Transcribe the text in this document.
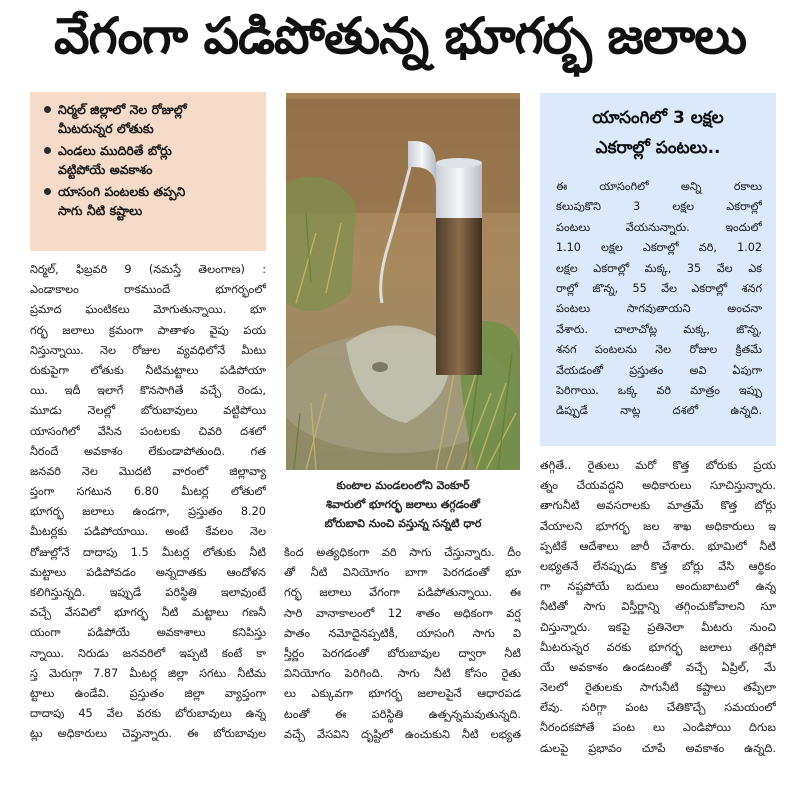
వేగంగా పడిపోతున్న భూగర్భ జలాలు
నిర్మల్ జిల్లాలో నెల రోజుల్లో
మీటరున్నర లోతుకు
ఎండలు ముదిరితే బోర్లు
వట్టిపోయే అవకాశం
యాసంగి పంటలకు తప్పని
సాగు నీటి కష్టాలు
నిర్మల్, ఫిబ్రవరి 9 (నమస్తే తెలంగాణ) :
ఎండాకాలం రాకముందే భూగర్భంలో
ప్రమాద ఘంటికలు మోగుతున్నాయి. భూ
గర్భ జలాలు క్రమంగా పాతాళం వైపు పయ
నిస్తున్నాయి. నెల రోజుల వ్యవధిలోనే మీటు
రుకుపైగా లోతుకు నీటిమట్టాలు పడిపోయా
యి. ఇదీ ఇలాగే కొనసాగితే వచ్చే రెండు,
మూడు నెలల్లో బోరుబావులు వట్టిపోయి
యాసంగిలో వేసిన పంటలకు చివరి దశలో
నీరందే అవకాశం లేకుండాపోతుంది. గత
జనవరి నెల మొదటి వారంలో జిల్లావ్యా
ప్తంగా సగటున 6.80 మీటర్ల లోతులో
భూగర్భ జలాలు ఉండగా, ప్రస్తుతం 8.20
మీటర్లకు పడిపోయాయి. అంటే కేవలం నెల
రోజుల్లోనే దాదాపు 1.5 మీటర్ల లోతుకు నీటి
మట్టాలు పడిపోవడం అన్నదాతకు ఆందోళన
కలిగిస్తున్నది. ఇప్పుడే పరిస్థితి ఇలావుంటే
వచ్చే వేసవిలో భూగర్భ నీటి మట్టాలు గణనీ
యంగా పడిపోయే అవకాశాలు కనిపిస్తు
న్నాయి. నిరుడు జనవరిలో ఇప్పటి కంటే కా
స్త మెరుగ్గా 7.87 మీటర్ల జిల్లా సగటు నీటిమ
ట్టాలు ఉండేవి. ప్రస్తుతం జిల్లా వ్యాప్తంగా
దాదాపు 45 వేల వరకు బోరుబావులు ఉన్న
ట్లు అధికారులు చెప్తున్నారు. ఈ బోరుబావుల
కుంటాల మండలంలోని వెంకూర్
శివారులో భూగర్భ జలాలు తగ్గడంతో
బోరుబావి నుంచి వస్తున్న సన్నటి ధార
కింద అత్యధికంగా వరి సాగు చేస్తున్నారు. దీం
తో నీటి వినియోగం బాగా పెరగడంతో భూ
గర్భ జలాలు వేగంగా పడిపోతున్నాయి. ఈ
సారి వానాకాలంలో 12 శాతం అధికంగా వర్ష
పాతం నమోదైనప్పటికీ, యాసంగి సాగు వి
స్తీర్ణం పెరగడంతో బోరుబావుల ద్వారా నీటి
వినియోగం పెరిగింది. సాగు నీటి కోసం రైతు
లు ఎక్కువగా భూగర్భ జలాలపైనే ఆధారపడ
టంతో ఈ పరిస్థితి ఉత్పన్నమవుతున్నది.
వచ్చే వేసవిని దృష్టిలో ఉంచుకుని నీటి లభ్యత
యాసంగిలో 3 లక్షల
ఎకరాల్లో పంటలు..
ఈ యాసంగిలో అన్ని రకాలు
కలుపుకొని 3 లక్షల ఎకరాల్లో
పంటలు వేయనున్నారు. ఇందులో
1.10 లక్షల ఎకరాల్లో వరి, 1.02
లక్షల ఎకరాల్లో మక్క, 35 వేల ఎక
రాల్లో జొన్న, 55 వేల ఎకరాల్లో శనగ
పంటలు సాగవుతాయని అంచనా
వేశారు. చాలాచోట్ల మక్క, జొన్న,
శనగ పంటలను నెల రోజుల క్రితమే
వేయడంతో ప్రస్తుతం అవి ఏపుగా
పెరిగాయి. ఒక్క వరి మాత్రం ఇప్పు
డిప్పుడే నాట్ల దశలో ఉన్నది.
తగ్గితే.. రైతులు మరో కొత్త బోరుకు ప్రయ
త్నం చేయవద్దని అధికారులు సూచిస్తున్నారు.
తాగునీటి అవసరాలకు మాత్రమే కొత్త బోర్లు
వేయాలని భూగర్భ జల శాఖ అధికారులు ఇ
ప్పటికే ఆదేశాలు జారీ చేశారు. భూమిలో నీటి
లభ్యతనే లేనప్పుడు కొత్త బోర్లు వేసి ఆర్థికం
గా నష్టపోయే బదులు అందుబాటులో ఉన్న
నీటితో సాగు విస్తీర్ణాన్ని తగ్గించుకోవాలని సూ
చిస్తున్నారు. ఇకపై ప్రతినెలా మీటరు నుంచి
మీటరున్నర వరకు భూగర్భ జలాలు తగ్గిపో
యే అవకాశం ఉండటంతో వచ్చే ఏప్రిల్, మే
నెలలో రైతులకు సాగునీటి కష్టాలు తప్పేలా
లేవు. సరిగ్గా పంట చేతికొచ్చే సమయంలో
నీరందకపోతే పంట లు ఎండిపోయి దిగుబ
డులపై ప్రభావం చూపే అవకాశం ఉన్నది.
